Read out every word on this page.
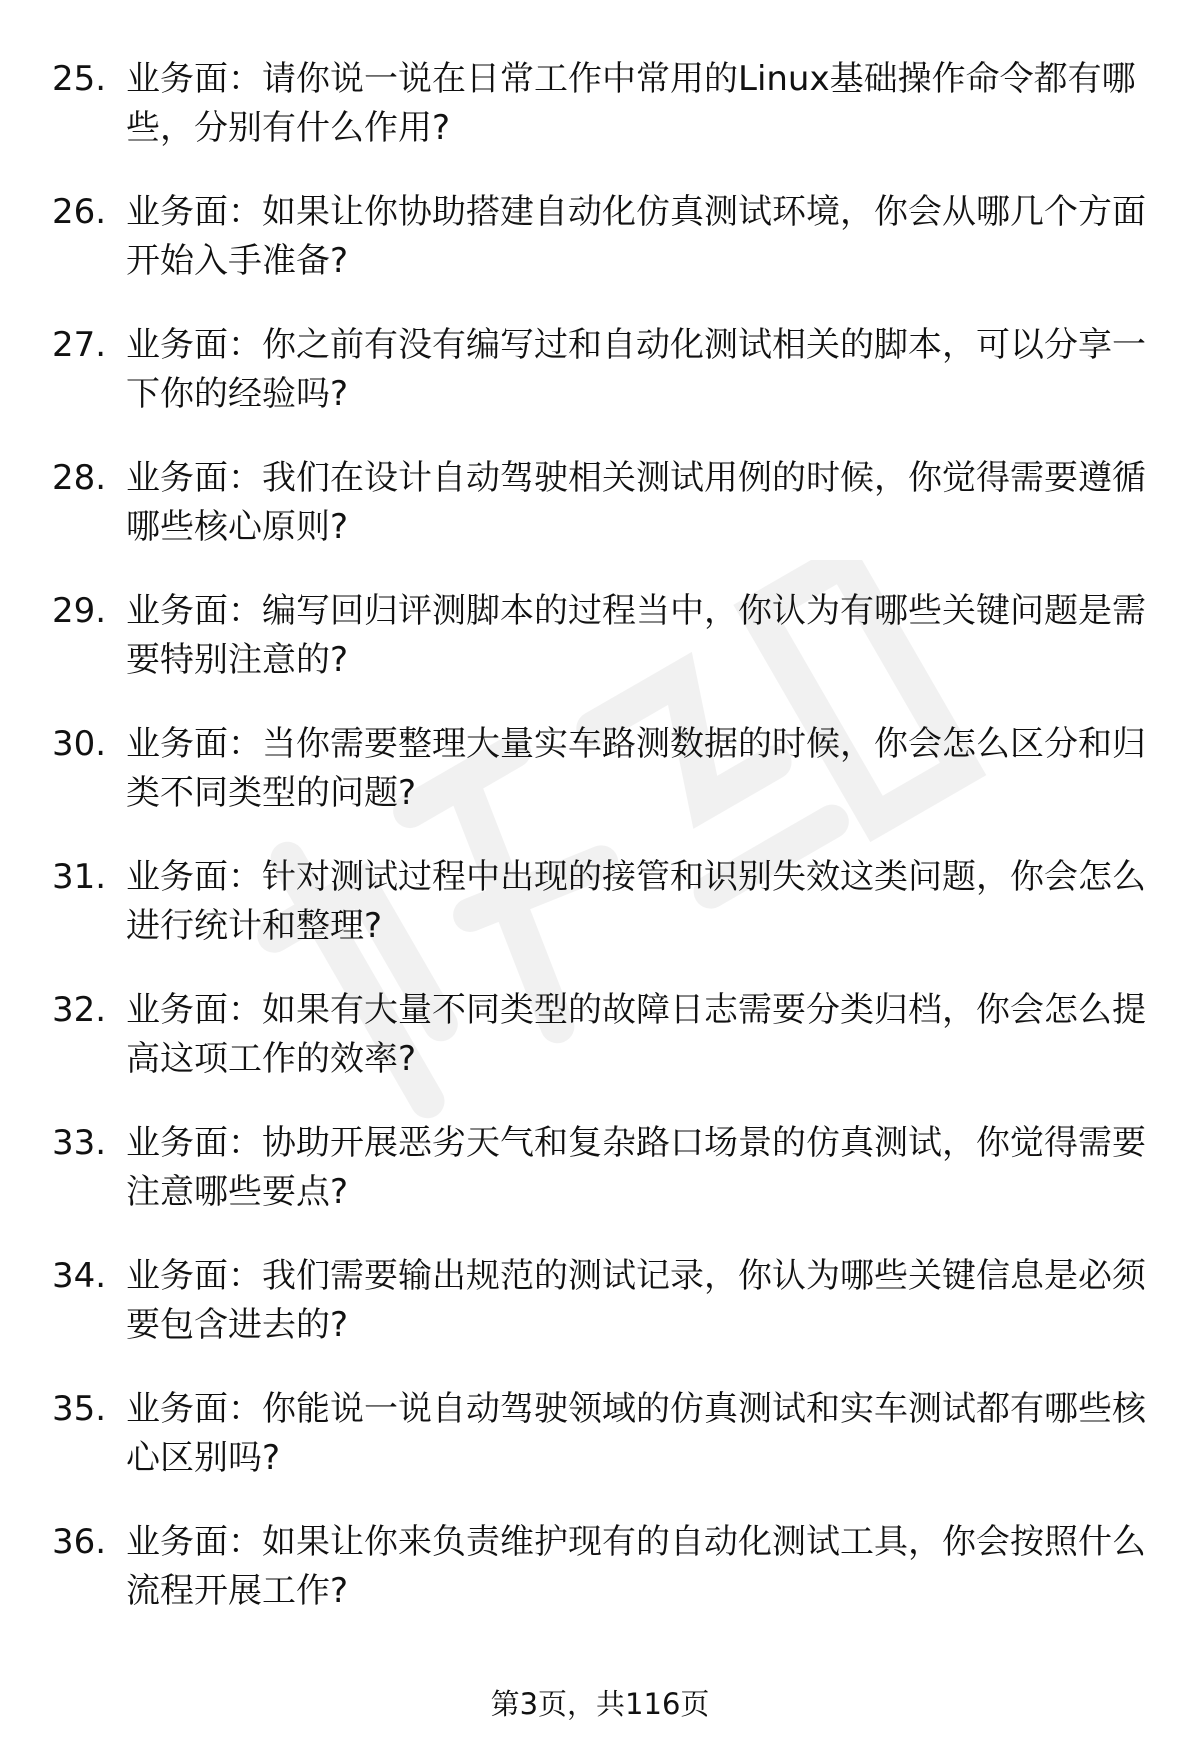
25. 业务面：请你说一说在日常工作中常用的Linux基础操作命令都有哪些，分别有什么作用?
26. 业务面：如果让你协助搭建自动化仿真测试环境，你会从哪几个方面开始入手准备?
27. 业务面：你之前有没有编写过和自动化测试相关的脚本，可以分享一下你的经验吗?
28. 业务面：我们在设计自动驾驶相关测试用例的时候，你觉得需要遵循哪些核心原则?
29. 业务面：编写回归评测脚本的过程当中，你认为有哪些关键问题是需要特别注意的?
30. 业务面：当你需要整理大量实车路测数据的时候，你会怎么区分和归类不同类型的问题?
31. 业务面：针对测试过程中出现的接管和识别失效这类问题，你会怎么进行统计和整理?
32. 业务面：如果有大量不同类型的故障日志需要分类归档，你会怎么提高这项工作的效率?
33. 业务面：协助开展恶劣天气和复杂路口场景的仿真测试，你觉得需要注意哪些要点?
34. 业务面：我们需要输出规范的测试记录，你认为哪些关键信息是必须要包含进去的?
35. 业务面：你能说一说自动驾驶领域的仿真测试和实车测试都有哪些核心区别吗?
36. 业务面：如果让你来负责维护现有的自动化测试工具，你会按照什么流程开展工作?
第3页，共116页
